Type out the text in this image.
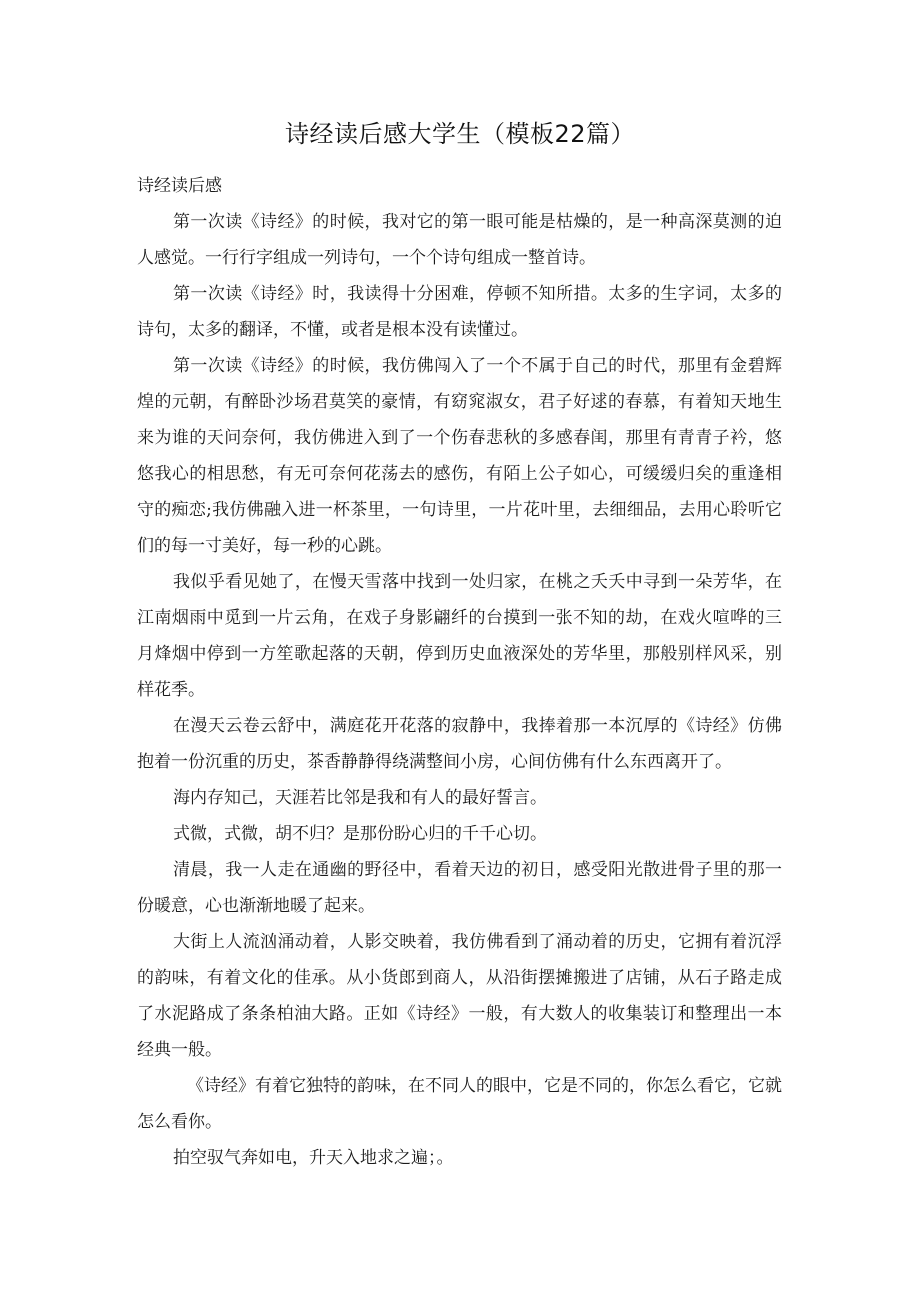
诗经读后感大学生（模板22篇）

诗经读后感

第一次读《诗经》的时候，我对它的第一眼可能是枯燥的，是一种高深莫测的迫人感觉。一行行字组成一列诗句，一个个诗句组成一整首诗。

第一次读《诗经》时，我读得十分困难，停顿不知所措。太多的生字词，太多的诗句，太多的翻译，不懂，或者是根本没有读懂过。

第一次读《诗经》的时候，我仿佛闯入了一个不属于自己的时代，那里有金碧辉煌的元朝，有醉卧沙场君莫笑的豪情，有窈窕淑女，君子好逑的春慕，有着知天地生来为谁的天问奈何，我仿佛进入到了一个伤春悲秋的多感春闺，那里有青青子衿，悠悠我心的相思愁，有无可奈何花荡去的感伤，有陌上公子如心，可缓缓归矣的重逢相守的痴恋;我仿佛融入进一杯茶里，一句诗里，一片花叶里，去细细品，去用心聆听它们的每一寸美好，每一秒的心跳。

我似乎看见她了，在慢天雪落中找到一处归家，在桃之夭夭中寻到一朵芳华，在江南烟雨中觅到一片云角，在戏子身影翩纤的台摸到一张不知的劫，在戏火喧哗的三月烽烟中停到一方笙歌起落的天朝，停到历史血液深处的芳华里，那般别样风采，别样花季。

在漫天云卷云舒中，满庭花开花落的寂静中，我捧着那一本沉厚的《诗经》仿佛抱着一份沉重的历史，茶香静静得绕满整间小房，心间仿佛有什么东西离开了。

海内存知己，天涯若比邻是我和有人的最好誓言。

式微，式微，胡不归？是那份盼心归的千千心切。

清晨，我一人走在通幽的野径中，看着天边的初日，感受阳光散进骨子里的那一份暖意，心也渐渐地暖了起来。

大街上人流汹涌动着，人影交映着，我仿佛看到了涌动着的历史，它拥有着沉浮的韵味，有着文化的佳承。从小货郎到商人，从沿街摆摊搬进了店铺，从石子路走成了水泥路成了条条柏油大路。正如《诗经》一般，有大数人的收集装订和整理出一本经典一般。

《诗经》有着它独特的韵味，在不同人的眼中，它是不同的，你怎么看它，它就怎么看你。

拍空驭气奔如电，升天入地求之遍；。
